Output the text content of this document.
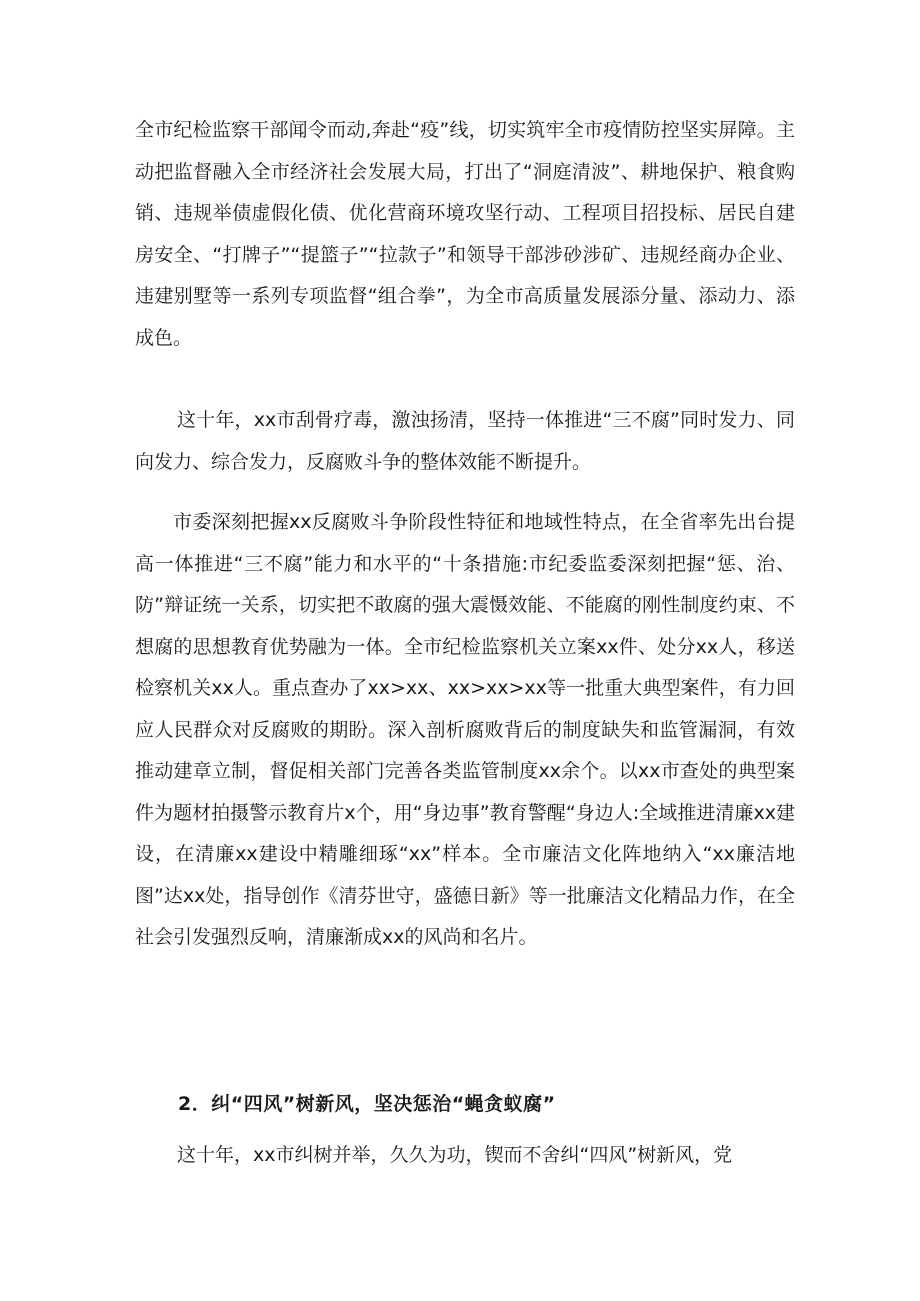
全市纪检监察干部闻令而动,奔赴“疫”线，切实筑牢全市疫情防控坚实屏障。主动把监督融入全市经济社会发展大局，打出了“洞庭清波”、耕地保护、粮食购销、违规举债虚假化债、优化营商环境攻坚行动、工程项目招投标、居民自建房安全、“打牌子”“提篮子”“拉款子”和领导干部涉砂涉矿、违规经商办企业、违建别墅等一系列专项监督“组合拳”，为全市高质量发展添分量、添动力、添成色。

这十年，xx市刮骨疗毒，激浊扬清，坚持一体推进“三不腐”同时发力、同向发力、综合发力，反腐败斗争的整体效能不断提升。

市委深刻把握xx反腐败斗争阶段性特征和地域性特点，在全省率先出台提高一体推进“三不腐”能力和水平的“十条措施:市纪委监委深刻把握“惩、治、防”辩证统一关系，切实把不敢腐的强大震慑效能、不能腐的刚性制度约束、不想腐的思想教育优势融为一体。全市纪检监察机关立案xx件、处分xx人，移送检察机关xx人。重点查办了xx>xx、xx>xx>xx等一批重大典型案件，有力回应人民群众对反腐败的期盼。深入剖析腐败背后的制度缺失和监管漏洞，有效推动建章立制，督促相关部门完善各类监管制度xx余个。以xx市查处的典型案件为题材拍摄警示教育片x个，用“身边事”教育警醒“身边人:全域推进清廉xx建设，在清廉xx建设中精雕细琢“xx”样本。全市廉洁文化阵地纳入“xx廉洁地图”达xx处，指导创作《清芬世守，盛德日新》等一批廉洁文化精品力作，在全社会引发强烈反响，清廉渐成xx的风尚和名片。

2．纠“四风”树新风，坚决惩治“蝇贪蚁腐”

这十年，xx市纠树并举，久久为功，锲而不舍纠“四风”树新风，党
